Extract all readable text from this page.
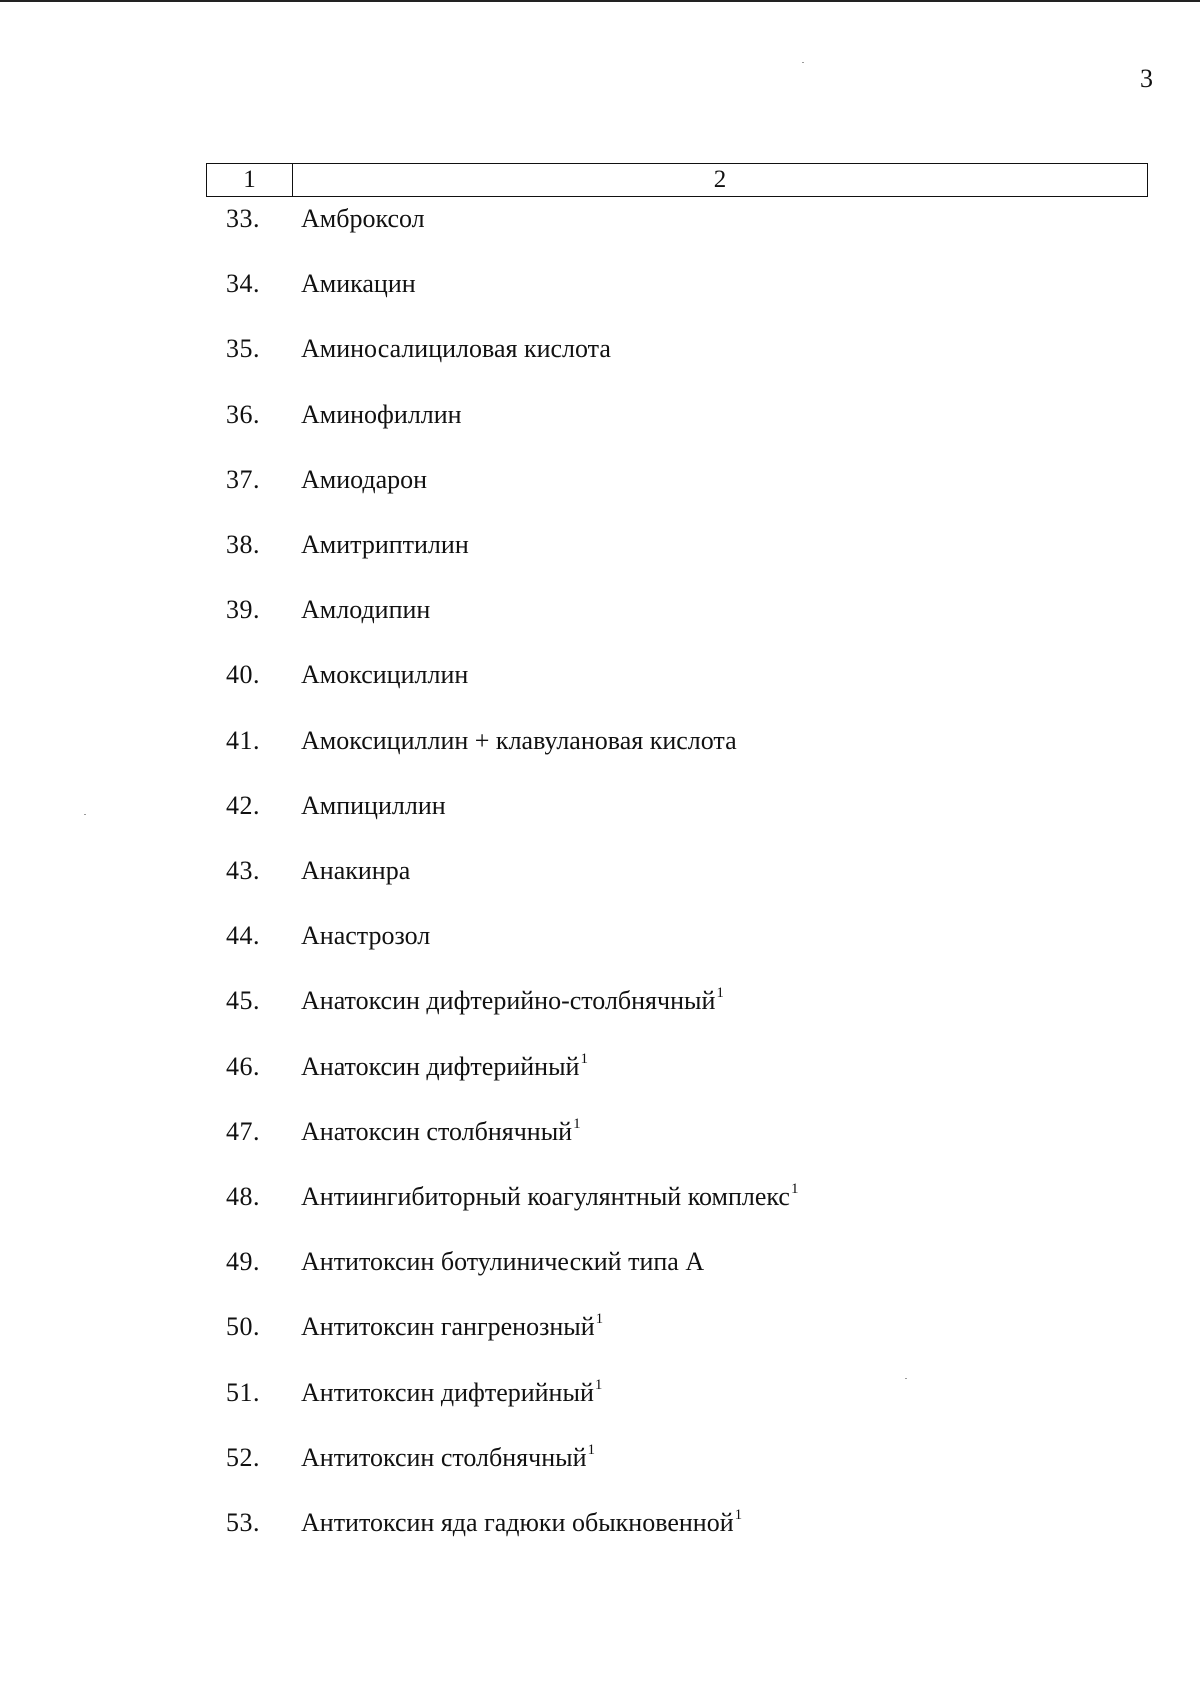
3
1	2
33.	Амброксол
34.	Амикацин
35.	Аминосалициловая кислота
36.	Аминофиллин
37.	Амиодарон
38.	Амитриптилин
39.	Амлодипин
40.	Амоксициллин
41.	Амоксициллин + клавулановая кислота
42.	Ампициллин
43.	Анакинра
44.	Анастрозол
45.	Анатоксин дифтерийно-столбнячный$^1$
46.	Анатоксин дифтерийный$^1$
47.	Анатоксин столбнячный$^1$
48.	Антиингибиторный коагулянтный комплекс$^1$
49.	Антитоксин ботулинический типа А
50.	Антитоксин гангренозный$^1$
51.	Антитоксин дифтерийный$^1$
52.	Антитоксин столбнячный$^1$
53.	Антитоксин яда гадюки обыкновенной$^1$
